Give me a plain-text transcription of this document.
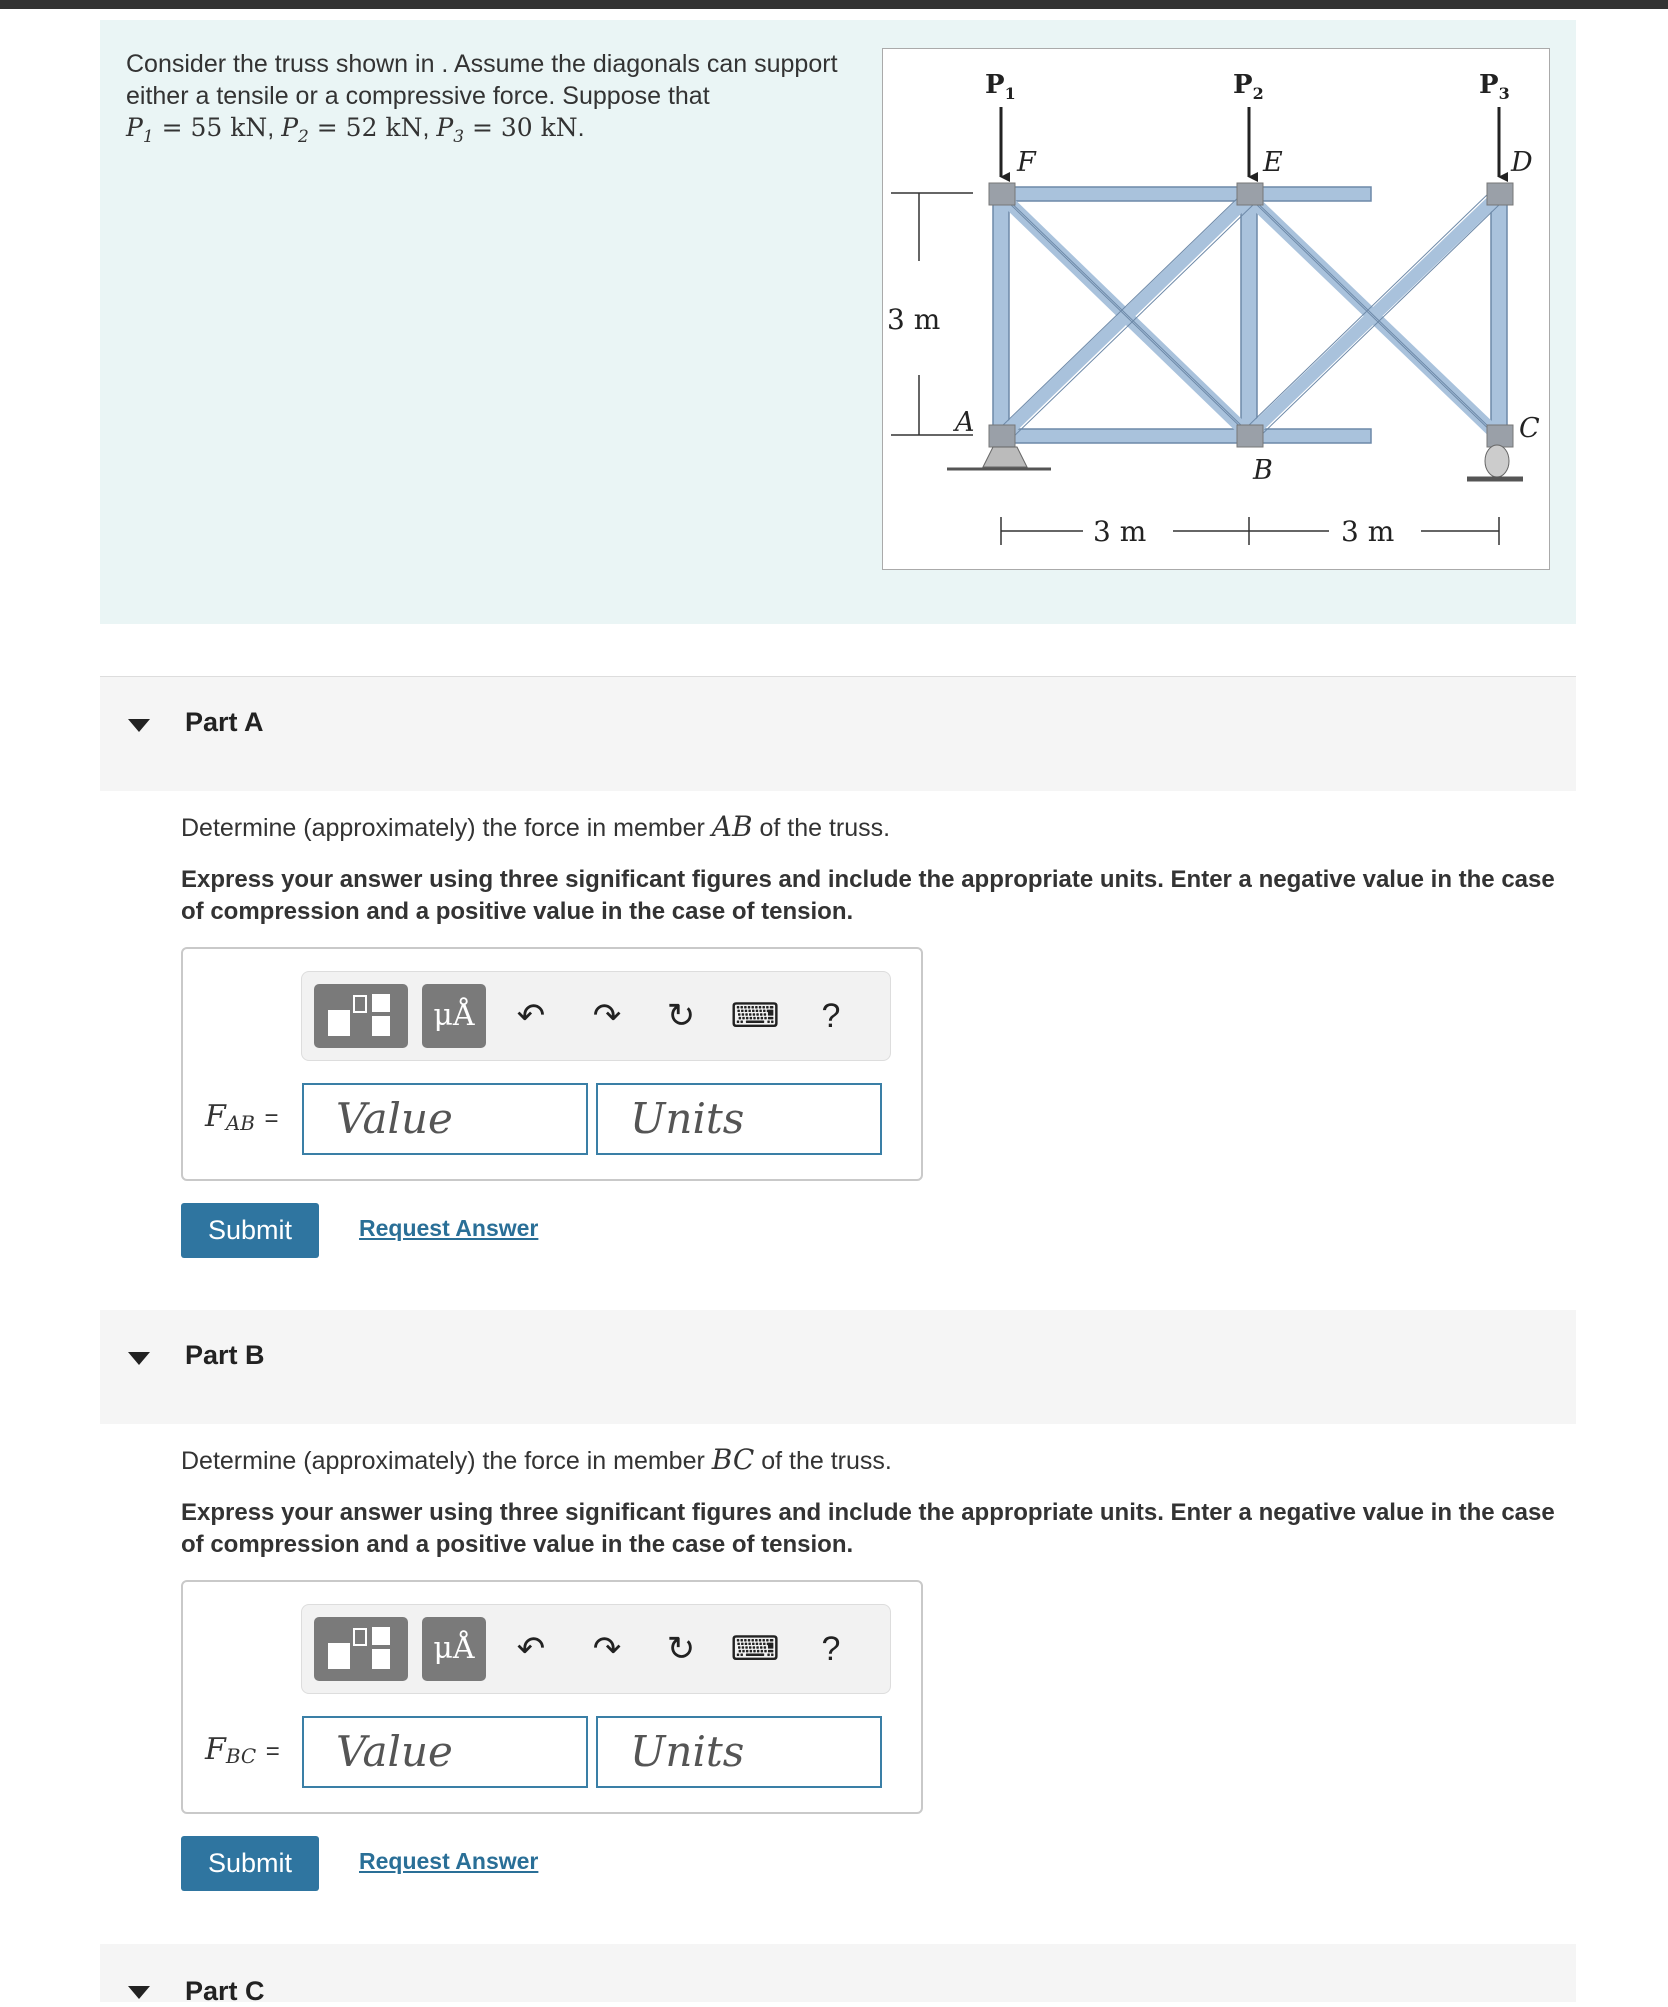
Consider the truss shown in . Assume the diagonals can support either a tensile or a compressive force. Suppose that
$P_1 = 55$ kN, $P_2 = 52$ kN, $P_3 = 30$ kN.
$P_1$	$P_2$	$P_3$
A
B
C
D
E
F
3 m
3 m	3 m
Part A
Determine (approximately) the force in member AB of the truss.
Express your answer using three significant figures and include the appropriate units. Enter a negative value in the case of compression and a positive value in the case of tension.
μÅ	↶	↷	↻	⌨	?
$F_{AB}$ =	Value	Units
Submit	Request Answer
Part B
Determine (approximately) the force in member BC of the truss.
Express your answer using three significant figures and include the appropriate units. Enter a negative value in the case of compression and a positive value in the case of tension.
μÅ	↶	↷	↻	⌨	?
$F_{BC}$ =	Value	Units
Submit	Request Answer
Part C
